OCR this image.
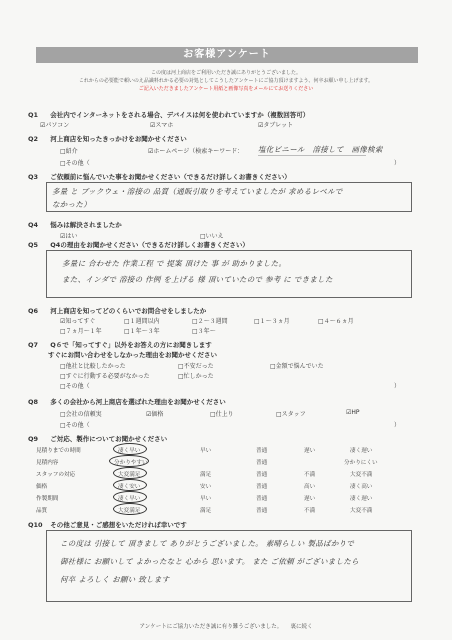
お客様アンケート
この度は河上商店をご利用いただき誠にありがとうございました。
これからの必要能で頼いのえ品識料れかる必要の対処としてこうしたアンケートにご協力頂けますよう、何卒お願い申し上げます。
ご記入いただきましたアンケート用紙と画像写真をメールにてお送りください
Q1 会社内でインターネットをされる場合、デバイスは何を使われていますか（複数回答可）
☑パソコン	☑スマホ	☑タブレット
Q2 河上商店を知ったきっかけをお聞かせください
□紹介	☑ホームページ（検索キーワード： 塩化ビニール　溶接して　画像検索
□その他（	）
Q3 ご依頼前に悩んでいた事をお聞かせください（できるだけ詳しくお書きください）
多量 と ブックウェ・溶接の 品質（通販引取りを考えていましたが 求めるレベルで
なかった）
Q4 悩みは解決されましたか
☑はい	□いいえ
Q5 Q4の理由をお聞かせください（できるだけ詳しくお書きください）
多量に 合わせた 作業工程 で 提案 頂けた 事 が 助かりました。
また、インダで 溶接の 作例 を上げる 様 頂いていたので 参考 に できました
Q6 河上商店を知ってどのくらいでお問合せをしましたか
☑知ってすぐ	□１週間以内	□２〜３週間	□１〜３ヵ月	□４〜６ヵ月
□７ヵ月〜１年	□１年〜３年	□３年〜
Q7 Q６で「知ってすぐ」以外をお答えの方にお聞きします
すぐにお問い合わせをしなかった理由をお聞かせください
□他社と比較したかった	□不安だった	□金額で悩んでいた
□すぐに行動する必要がなかった	□忙しかった
□その他（	）
Q8 多くの会社から河上商店を選ばれた理由をお聞かせください
□会社の信頼実	☑価格	□仕上り	□スタッフ	☑HP
□その他（	）
Q9 ご対応、製作についてお聞かせください
見積りまでの時間	凄く早い	早い	普通	遅い	凄く遅い
見積内容	分かりやすい	普通	分かりにくい
スタッフの対応	大変満足	満足	普通	不満	大変不満
価格	凄く安い	安い	普通	高い	凄く高い
作製期間	凄く早い	早い	普通	遅い	凄く遅い
品質	大変満足	満足	普通	不満	大変不満
Q10 その他ご意見・ご感想をいただければ幸いです
この度は 引接して 頂きまして ありがとうございました。 素晴らしい 製品ばかりで
御社様に お願いして よかったなと 心から 思います。 また ご依頼 がございましたら
何卒 よろしく お願い 致します
アンケートにご協力いただき誠に有り難うございました。　　裏に続く
